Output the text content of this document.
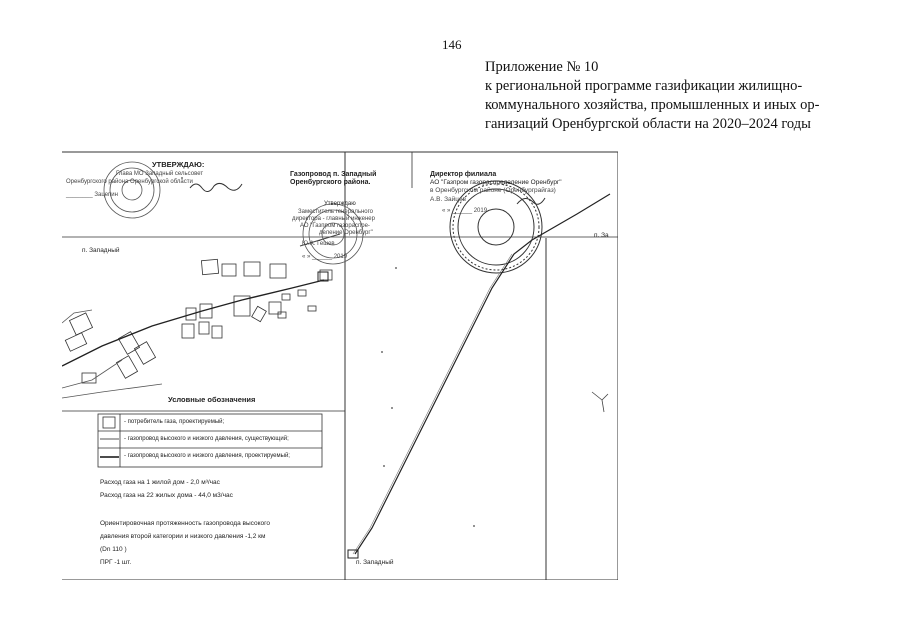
146
Приложение № 10
к региональной программе газификации жилищно-
коммунального хозяйства, промышленных и иных ор-
ганизаций Оренбургской области на 2020–2024 годы
УТВЕРЖДАЮ:
Глава МО Западный сельсовет
Оренбургского района Оренбургской области
________ Зацепин
Газопровод п. Западный
Оренбургского района.
Утверждаю
Заместитель генерального
директора - главный инженер
АО "Газпром газораспре-
деление Оренбург"
Ю.А. Гешев
« » ______ 2019
Директор филиала
АО "Газпром газораспределение Оренбург"
в Оренбургском районе (Оренбурграйгаз)
А.В. Зайцев
« » ______ 2019
п. Западный
п. За
п. Западный
Условные обозначения
- потребитель газа, проектируемый;
- газопровод высокого и низкого давления, существующий;
- газопровод высокого и низкого давления, проектируемый;
Расход газа на 1 жилой дом - 2,0 м³/час
Расход газа на 22 жилых дома - 44,0 м3/час
Ориентировочная протяженность газопровода высокого
давления второй категории и низкого давления -1,2 км
(Dn 110 )
ПРГ -1 шт.
